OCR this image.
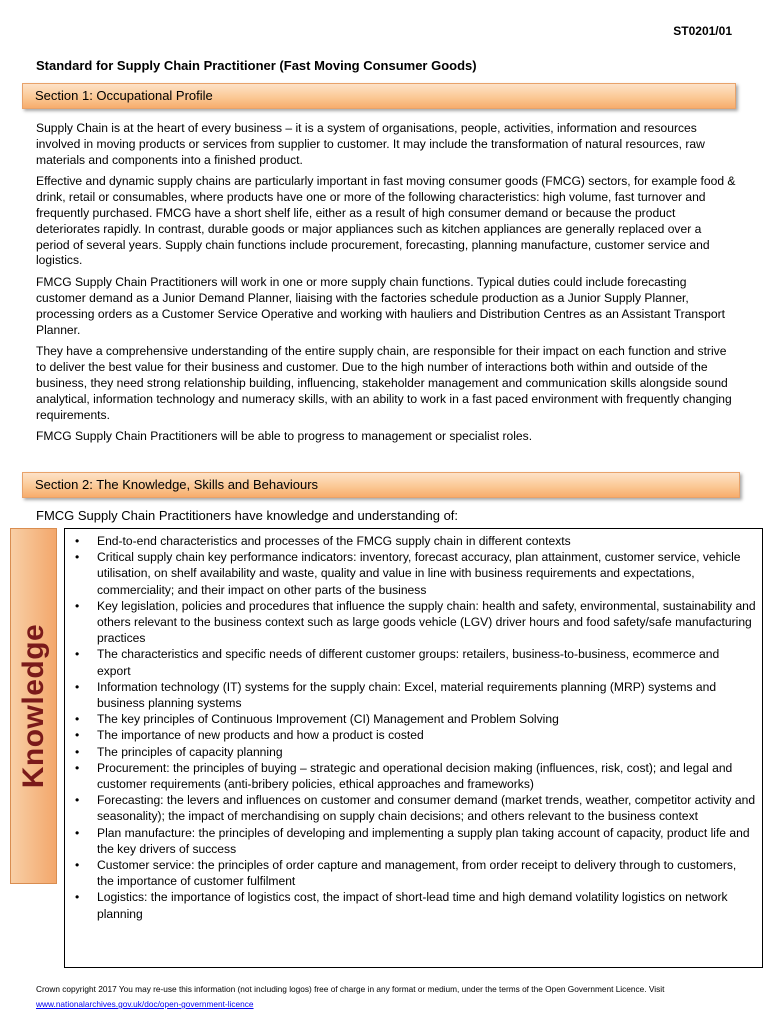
ST0201/01
Standard for Supply Chain Practitioner (Fast Moving Consumer Goods)
Section 1: Occupational Profile

Supply Chain is at the heart of every business – it is a system of organisations, people, activities, information and resources involved in moving products or services from supplier to customer. It may include the transformation of natural resources, raw materials and components into a finished product.

Effective and dynamic supply chains are particularly important in fast moving consumer goods (FMCG) sectors, for example food & drink, retail or consumables, where products have one or more of the following characteristics: high volume, fast turnover and frequently purchased. FMCG have a short shelf life, either as a result of high consumer demand or because the product deteriorates rapidly. In contrast, durable goods or major appliances such as kitchen appliances are generally replaced over a period of several years. Supply chain functions include procurement, forecasting, planning manufacture, customer service and logistics.

FMCG Supply Chain Practitioners will work in one or more supply chain functions. Typical duties could include forecasting customer demand as a Junior Demand Planner, liaising with the factories schedule production as a Junior Supply Planner, processing orders as a Customer Service Operative and working with hauliers and Distribution Centres as an Assistant Transport Planner.

They have a comprehensive understanding of the entire supply chain, are responsible for their impact on each function and strive to deliver the best value for their business and customer. Due to the high number of interactions both within and outside of the business, they need strong relationship building, influencing, stakeholder management and communication skills alongside sound analytical, information technology and numeracy skills, with an ability to work in a fast paced environment with frequently changing requirements.

FMCG Supply Chain Practitioners will be able to progress to management or specialist roles.

Section 2: The Knowledge, Skills and Behaviours
FMCG Supply Chain Practitioners have knowledge and understanding of:
Knowledge
• End-to-end characteristics and processes of the FMCG supply chain in different contexts
• Critical supply chain key performance indicators: inventory, forecast accuracy, plan attainment, customer service, vehicle utilisation, on shelf availability and waste, quality and value in line with business requirements and expectations, commerciality; and their impact on other parts of the business
• Key legislation, policies and procedures that influence the supply chain: health and safety, environmental, sustainability and others relevant to the business context such as large goods vehicle (LGV) driver hours and food safety/safe manufacturing practices
• The characteristics and specific needs of different customer groups: retailers, business-to-business, ecommerce and export
• Information technology (IT) systems for the supply chain: Excel, material requirements planning (MRP) systems and business planning systems
• The key principles of Continuous Improvement (CI) Management and Problem Solving
• The importance of new products and how a product is costed
• The principles of capacity planning
• Procurement: the principles of buying – strategic and operational decision making (influences, risk, cost); and legal and customer requirements (anti-bribery policies, ethical approaches and frameworks)
• Forecasting: the levers and influences on customer and consumer demand (market trends, weather, competitor activity and seasonality); the impact of merchandising on supply chain decisions; and others relevant to the business context
• Plan manufacture: the principles of developing and implementing a supply plan taking account of capacity, product life and the key drivers of success
• Customer service: the principles of order capture and management, from order receipt to delivery through to customers, the importance of customer fulfilment
• Logistics: the importance of logistics cost, the impact of short-lead time and high demand volatility logistics on network planning
Crown copyright 2017 You may re-use this information (not including logos) free of charge in any format or medium, under the terms of the Open Government Licence. Visit www.nationalarchives.gov.uk/doc/open-government-licence
